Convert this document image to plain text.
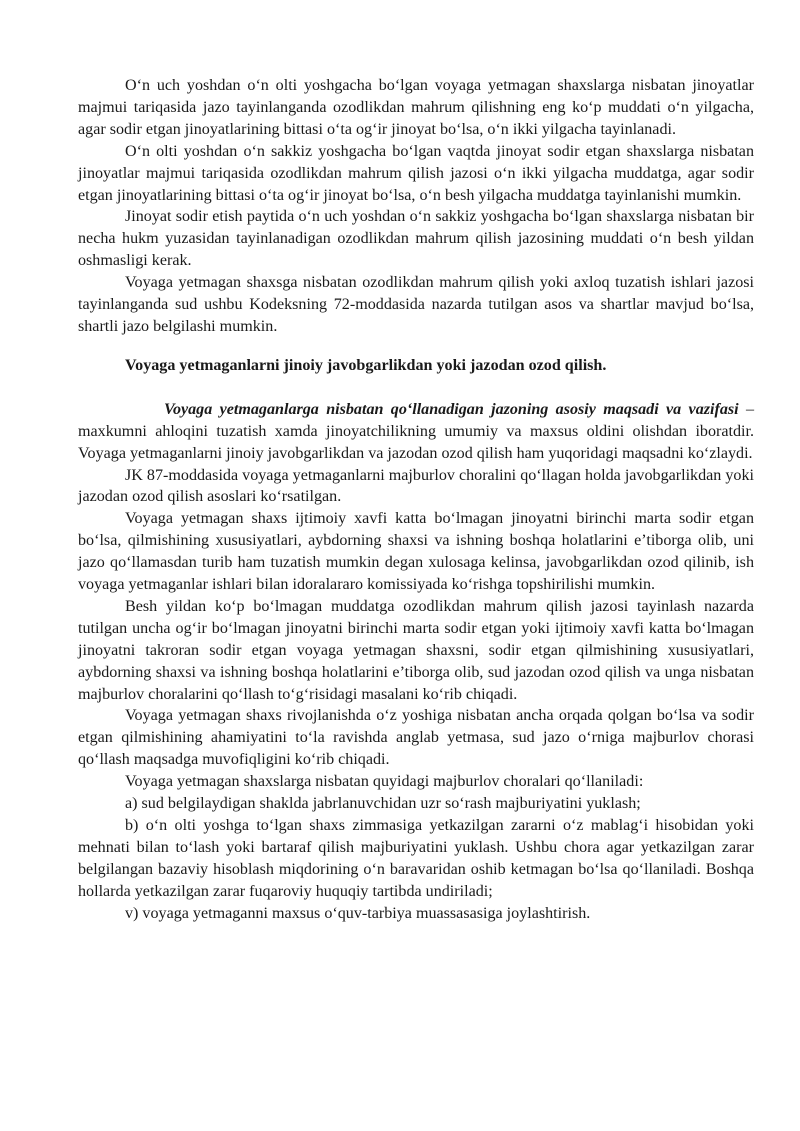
O‘n uch yoshdan o‘n olti yoshgacha bo‘lgan voyaga yetmagan shaxslarga nisbatan jinoyatlar majmui tariqasida jazo tayinlanganda ozodlikdan mahrum qilishning eng ko‘p muddati o‘n yilgacha, agar sodir etgan jinoyatlarining bittasi o‘ta og‘ir jinoyat bo‘lsa, o‘n ikki yilgacha tayinlanadi.

O‘n olti yoshdan o‘n sakkiz yoshgacha bo‘lgan vaqtda jinoyat sodir etgan shaxslarga nisbatan jinoyatlar majmui tariqasida ozodlikdan mahrum qilish jazosi o‘n ikki yilgacha muddatga, agar sodir etgan jinoyatlarining bittasi o‘ta og‘ir jinoyat bo‘lsa, o‘n besh yilgacha muddatga tayinlanishi mumkin.

Jinoyat sodir etish paytida o‘n uch yoshdan o‘n sakkiz yoshgacha bo‘lgan shaxslarga nisbatan bir necha hukm yuzasidan tayinlanadigan ozodlikdan mahrum qilish jazosining muddati o‘n besh yildan oshmasligi kerak.

Voyaga yetmagan shaxsga nisbatan ozodlikdan mahrum qilish yoki axloq tuzatish ishlari jazosi tayinlanganda sud ushbu Kodeksning 72-moddasida nazarda tutilgan asos va shartlar mavjud bo‘lsa, shartli jazo belgilashi mumkin.

Voyaga yetmaganlarni jinoiy javobgarlikdan yoki jazodan ozod qilish.

Voyaga yetmaganlarga nisbatan qo‘llanadigan jazoning asosiy maqsadi va vazifasi – maxkumni ahloqini tuzatish xamda jinoyatchilikning umumiy va maxsus oldini olishdan iboratdir. Voyaga yetmaganlarni jinoiy javobgarlikdan va jazodan ozod qilish ham yuqoridagi maqsadni ko‘zlaydi.

JK 87-moddasida voyaga yetmaganlarni majburlov choralini qo‘llagan holda javobgarlikdan yoki jazodan ozod qilish asoslari ko‘rsatilgan.

Voyaga yetmagan shaxs ijtimoiy xavfi katta bo‘lmagan jinoyatni birinchi marta sodir etgan bo‘lsa, qilmishining xususiyatlari, aybdorning shaxsi va ishning boshqa holatlarini e’tiborga olib, uni jazo qo‘llamasdan turib ham tuzatish mumkin degan xulosaga kelinsa, javobgarlikdan ozod qilinib, ish voyaga yetmaganlar ishlari bilan idoralararo komissiyada ko‘rishga topshirilishi mumkin.

Besh yildan ko‘p bo‘lmagan muddatga ozodlikdan mahrum qilish jazosi tayinlash nazarda tutilgan uncha og‘ir bo‘lmagan jinoyatni birinchi marta sodir etgan yoki ijtimoiy xavfi katta bo‘lmagan jinoyatni takroran sodir etgan voyaga yetmagan shaxsni, sodir etgan qilmishining xususiyatlari, aybdorning shaxsi va ishning boshqa holatlarini e’tiborga olib, sud jazodan ozod qilish va unga nisbatan majburlov choralarini qo‘llash to‘g‘risidagi masalani ko‘rib chiqadi.

Voyaga yetmagan shaxs rivojlanishda o‘z yoshiga nisbatan ancha orqada qolgan bo‘lsa va sodir etgan qilmishining ahamiyatini to‘la ravishda anglab yetmasa, sud jazo o‘rniga majburlov chorasi qo‘llash maqsadga muvofiqligini ko‘rib chiqadi.

Voyaga yetmagan shaxslarga nisbatan quyidagi majburlov choralari qo‘llaniladi:

a) sud belgilaydigan shaklda jabrlanuvchidan uzr so‘rash majburiyatini yuklash;

b) o‘n olti yoshga to‘lgan shaxs zimmasiga yetkazilgan zararni o‘z mablag‘i hisobidan yoki mehnati bilan to‘lash yoki bartaraf qilish majburiyatini yuklash. Ushbu chora agar yetkazilgan zarar belgilangan bazaviy hisoblash miqdorining o‘n baravaridan oshib ketmagan bo‘lsa qo‘llaniladi. Boshqa hollarda yetkazilgan zarar fuqaroviy huquqiy tartibda undiriladi;

v) voyaga yetmaganni maxsus o‘quv-tarbiya muassasasiga joylashtirish.
